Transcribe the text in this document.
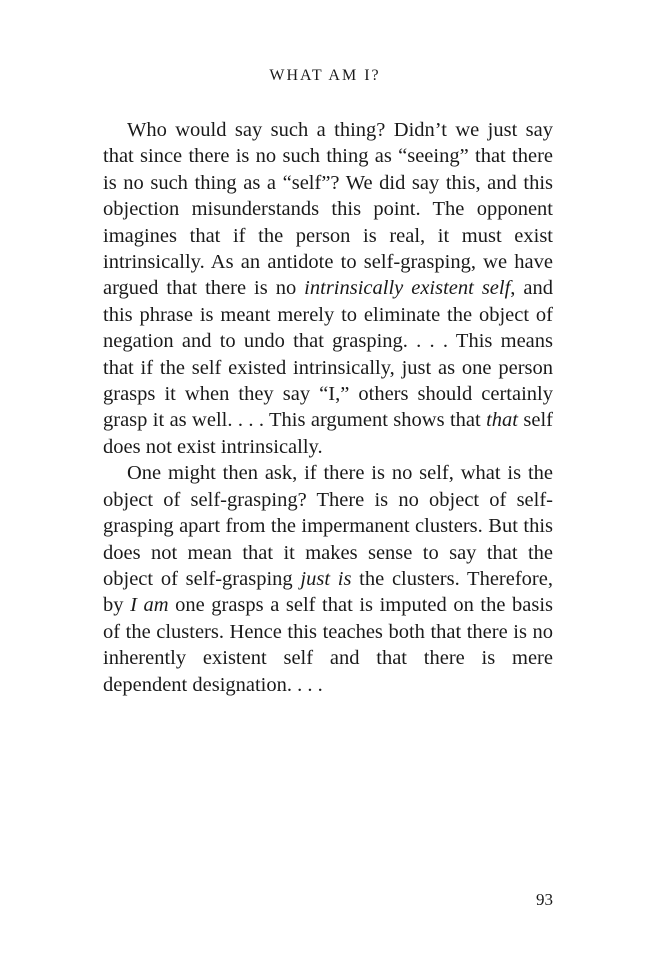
WHAT AM I?

Who would say such a thing? Didn’t we just say that since there is no such thing as “seeing” that there is no such thing as a “self”? We did say this, and this objection misunderstands this point. The opponent imagines that if the person is real, it must exist intrinsically. As an antidote to self-grasping, we have argued that there is no intrinsically existent self, and this phrase is meant merely to eliminate the object of negation and to undo that grasping. . . . This means that if the self existed intrinsically, just as one person grasps it when they say “I,” others should certainly grasp it as well. . . . This argument shows that that self does not exist intrinsically.

One might then ask, if there is no self, what is the object of self-grasping? There is no object of self-grasping apart from the impermanent clusters. But this does not mean that it makes sense to say that the object of self-grasping just is the clusters. Therefore, by I am one grasps a self that is imputed on the basis of the clusters. Hence this teaches both that there is no inherently existent self and that there is mere dependent designation. . . .

93
